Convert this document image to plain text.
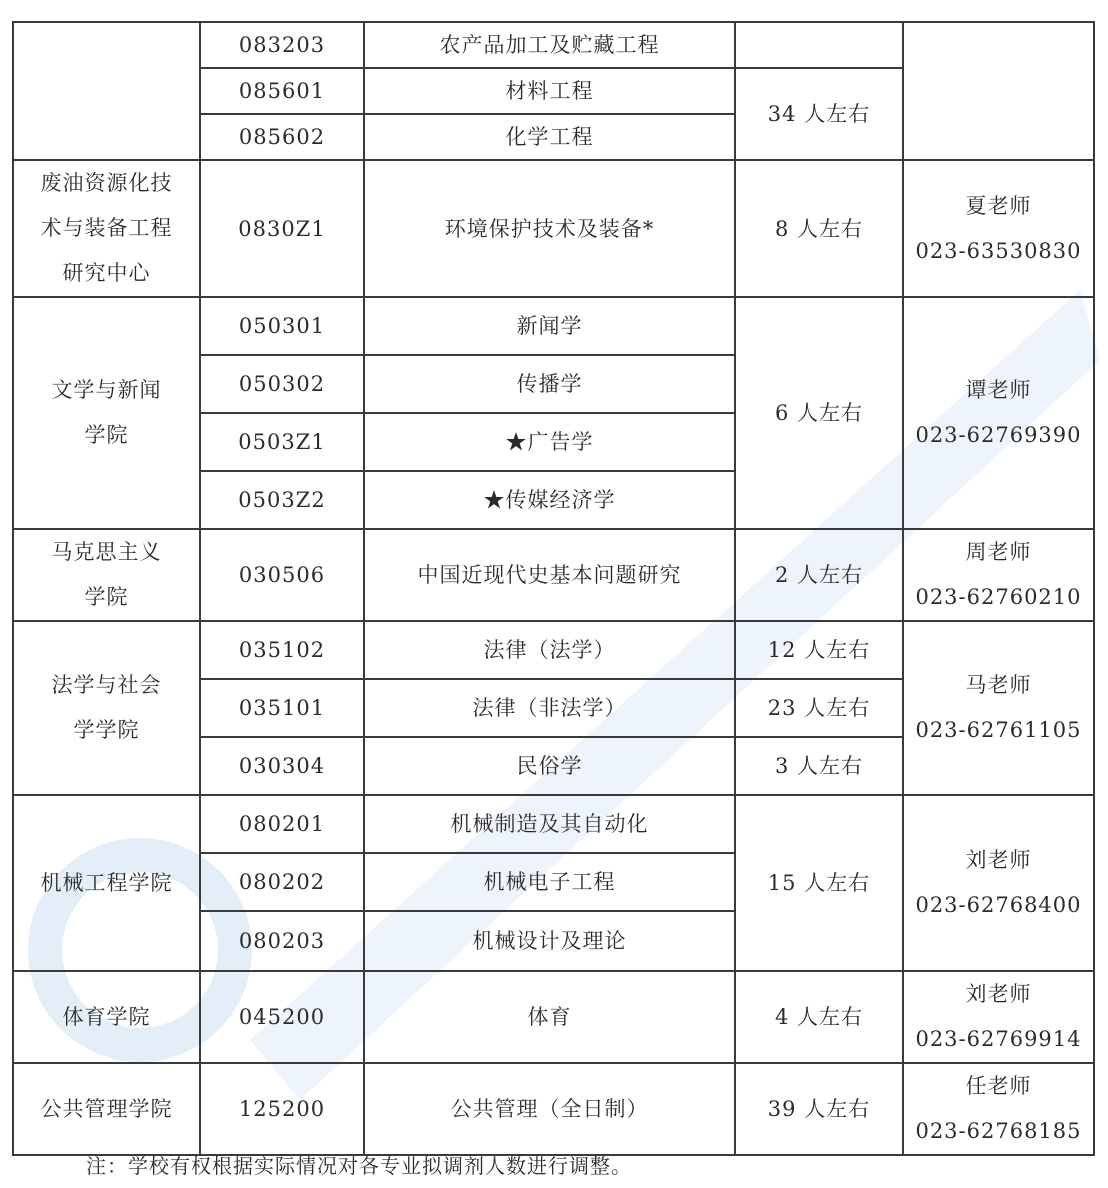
	083203	农产品加工及贮藏工程		
	085601	材料工程	34 人左右	
	085602	化学工程		

废油资源化技
术与装备工程
研究中心	0830Z1	环境保护技术及装备*	8 人左右	夏老师
023-63530830

文学与新闻
学院	050301	新闻学	6 人左右	谭老师
023-62769390

	050302	传播学		
	0503Z1	★广告学		
	0503Z2	★传媒经济学		

马克思主义
学院	030506	中国近现代史基本问题研究	2 人左右	周老师
023-62760210

法学与社会
学学院	035102	法律（法学）	12 人左右	马老师
023-62761105

	035101	法律（非法学）	23 人左右	
	030304	民俗学	3 人左右	

机械工程学院	080201	机械制造及其自动化	15 人左右	刘老师
023-62768400

	080202	机械电子工程		
	080203	机械设计及理论		

体育学院	045200	体育	4 人左右	刘老师
023-62769914

公共管理学院	125200	公共管理（全日制）	39 人左右	任老师
023-62768185
注：学校有权根据实际情况对各专业拟调剂人数进行调整。
